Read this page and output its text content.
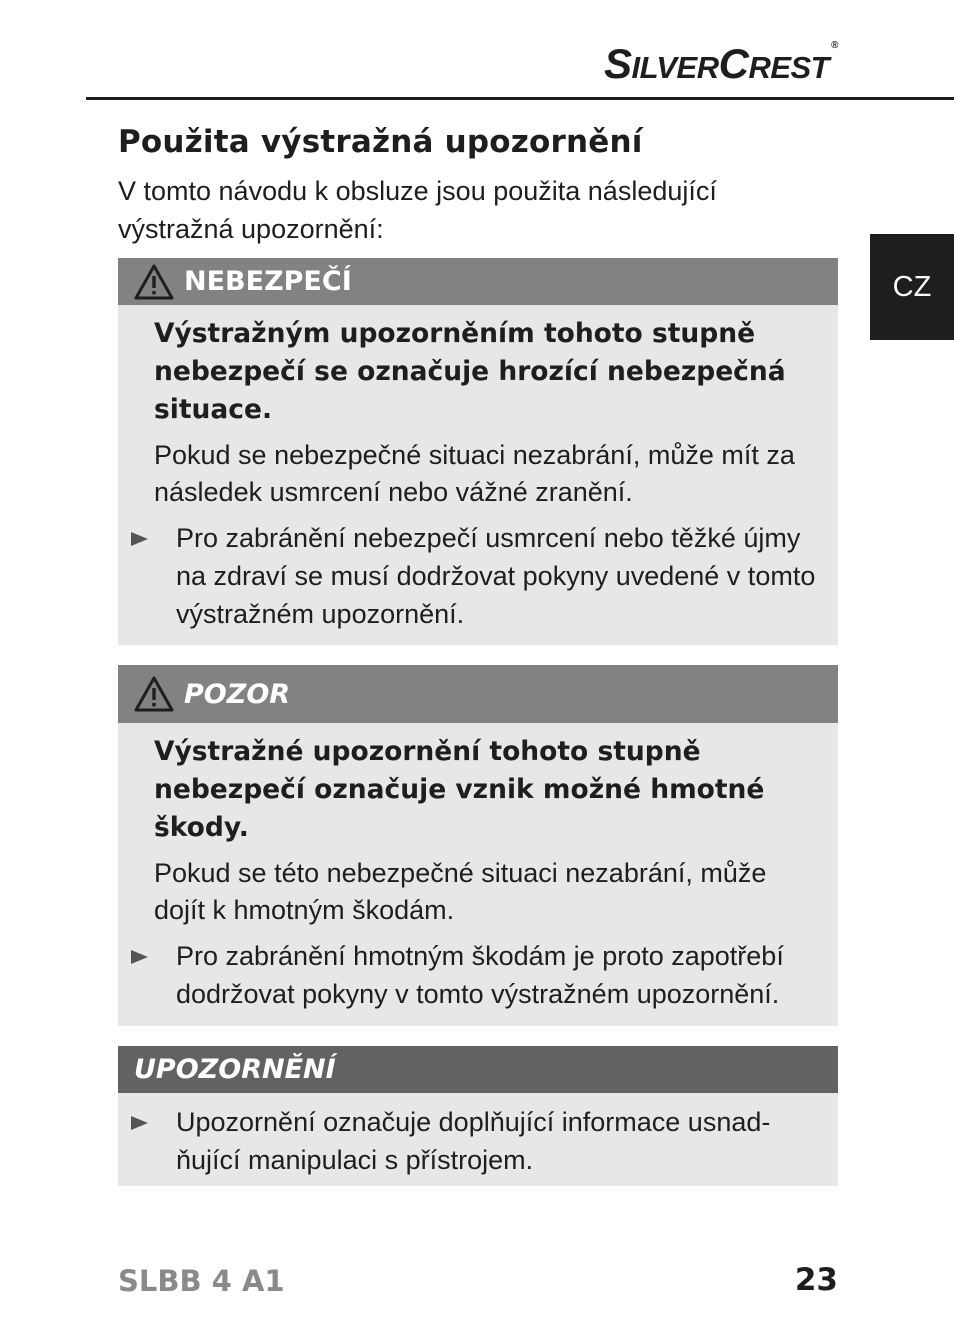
SILVERCREST®
CZ
Použita výstražná upozornění

V tomto návodu k obsluze jsou použita následující výstražná upozornění:

NEBEZPEČÍ

Výstražným upozorněním tohoto stupně nebezpečí se označuje hrozící nebezpečná situace.

Pokud se nebezpečné situaci nezabrání, může mít za následek usmrcení nebo vážné zranění.

Pro zabránění nebezpečí usmrcení nebo těžké újmy na zdraví se musí dodržovat pokyny uvedené v tomto výstražném upozornění.
POZOR

Výstražné upozornění tohoto stupně nebezpečí označuje vznik možné hmotné škody.

Pokud se této nebezpečné situaci nezabrání, může dojít k hmotným škodám.

Pro zabránění hmotným škodám je proto zapotřebí dodržovat pokyny v tomto výstražném upozornění.
UPOZORNĚNÍ
Upozornění označuje doplňující informace usnad-ňující manipulaci s přístrojem.
SLBB 4 A1	23
